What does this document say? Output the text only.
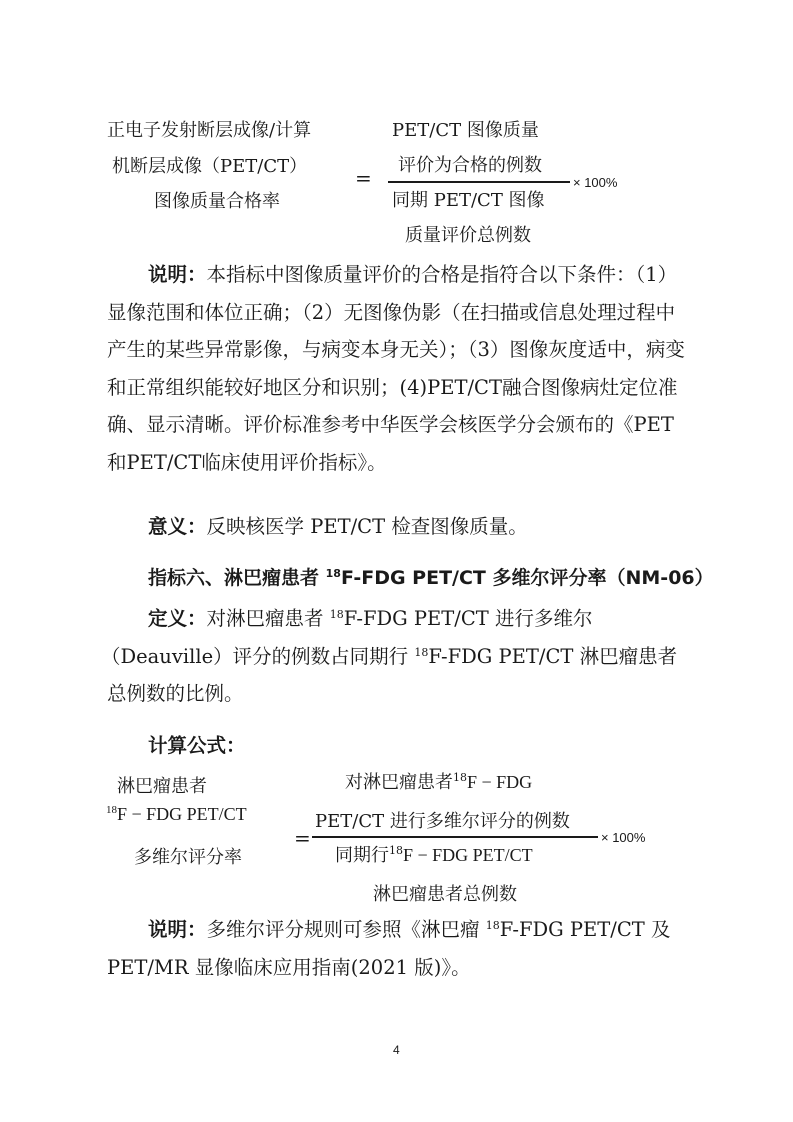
正电子发射断层成像/计算
机断层成像（PET/CT）
图像质量合格率
=
PET/CT 图像质量
评价为合格的例数
同期 PET/CT 图像
质量评价总例数
× 100%
说明：本指标中图像质量评价的合格是指符合以下条件：（1）显像范围和体位正确；（2）无图像伪影（在扫描或信息处理过程中产生的某些异常影像，与病变本身无关）；（3）图像灰度适中，病变和正常组织能较好地区分和识别；(4)PET/CT融合图像病灶定位准确、显示清晰。评价标准参考中华医学会核医学分会颁布的《PET和PET/CT临床使用评价指标》。
意义：反映核医学 PET/CT 检查图像质量。
指标六、淋巴瘤患者 $^{18}$F-FDG PET/CT 多维尔评分率（NM-06）
定义：对淋巴瘤患者 $^{18}$F-FDG PET/CT 进行多维尔
（Deauville）评分的例数占同期行 $^{18}$F-FDG PET/CT 淋巴瘤患者
总例数的比例。
计算公式：
淋巴瘤患者
$^{18}$F − FDG PET/CT
多维尔评分率
=
对淋巴瘤患者$^{18}$F − FDG
PET/CT 进行多维尔评分的例数
同期行$^{18}$F − FDG PET/CT
淋巴瘤患者总例数
× 100%
说明：多维尔评分规则可参照《淋巴瘤 $^{18}$F-FDG PET/CT 及
PET/MR 显像临床应用指南(2021 版)》。
4
